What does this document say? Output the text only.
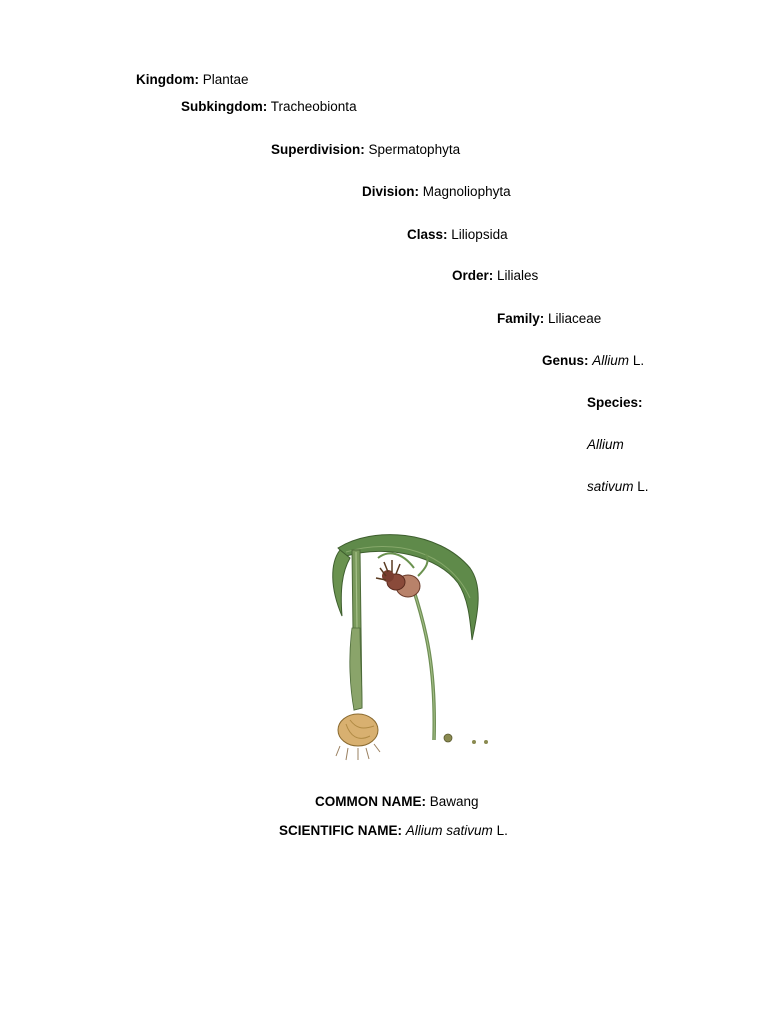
Kingdom: Plantae
Subkingdom: Tracheobionta
Superdivision: Spermatophyta
Division: Magnoliophyta
Class: Liliopsida
Order: Liliales
Family: Liliaceae
Genus: Allium L.
Species:
Allium
sativum L.
COMMON NAME: Bawang
SCIENTIFIC NAME: Allium sativum L.
